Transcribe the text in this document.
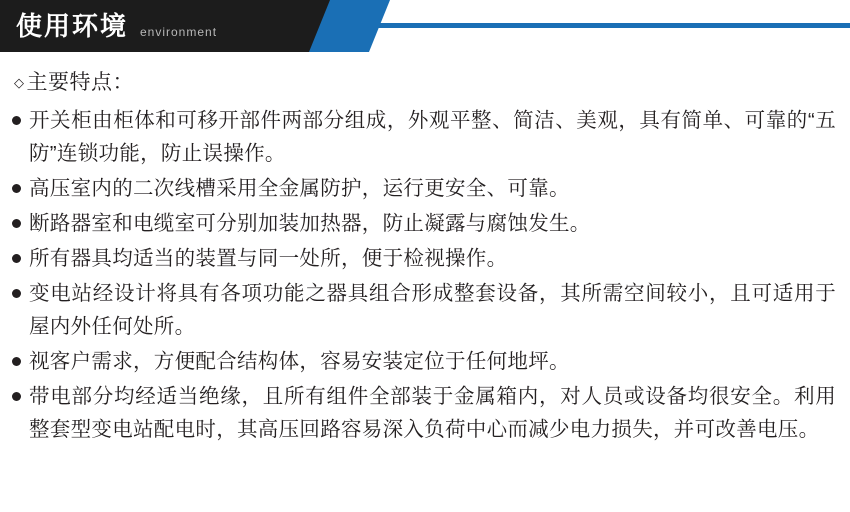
使用环境 environment
◇ 主要特点：
开关柜由柜体和可移开部件两部分组成，外观平整、简洁、美观，具有简单、可靠的“五防”连锁功能，防止误操作。
高压室内的二次线槽采用全金属防护，运行更安全、可靠。
断路器室和电缆室可分别加装加热器，防止凝露与腐蚀发生。
所有器具均适当的装置与同一处所，便于检视操作。
变电站经设计将具有各项功能之器具组合形成整套设备，其所需空间较小，且可适用于屋内外任何处所。
视客户需求，方便配合结构体，容易安装定位于任何地坪。
带电部分均经适当绝缘，且所有组件全部装于金属箱内，对人员或设备均很安全。利用整套型变电站配电时，其高压回路容易深入负荷中心而减少电力损失，并可改善电压。
